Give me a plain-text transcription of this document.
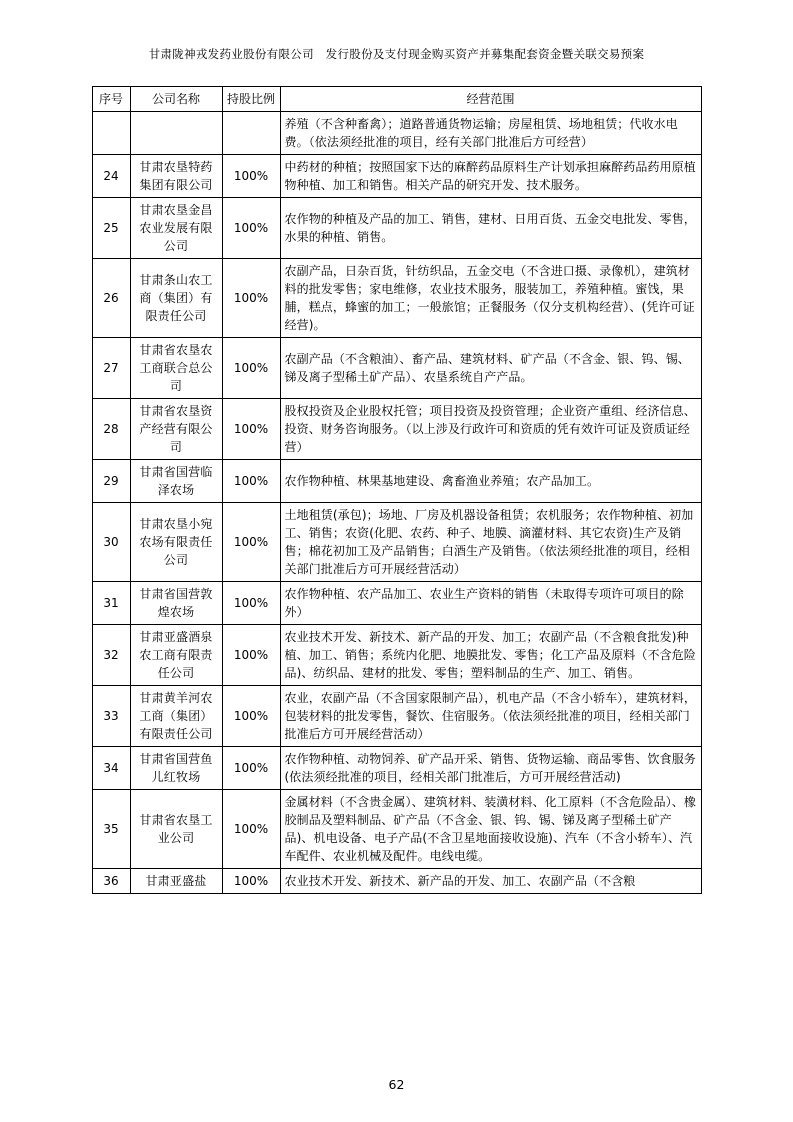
甘肃陇神戎发药业股份有限公司　发行股份及支付现金购买资产并募集配套资金暨关联交易预案
序号	公司名称	持股比例	经营范围
			养殖（不含种畜禽）；道路普通货物运输；房屋租赁、场地租赁；代收水电费。（依法须经批准的项目，经有关部门批准后方可经营）
24	甘肃农垦特药集团有限公司	100%	中药材的种植；按照国家下达的麻醉药品原料生产计划承担麻醉药品药用原植物种植、加工和销售。相关产品的研究开发、技术服务。
25	甘肃农垦金昌农业发展有限公司	100%	农作物的种植及产品的加工、销售，建材、日用百货、五金交电批发、零售，水果的种植、销售。
26	甘肃条山农工商（集团）有限责任公司	100%	农副产品，日杂百货，针纺织品，五金交电（不含进口摄、录像机），建筑材料的批发零售；家电维修，农业技术服务，服装加工，养殖种植。蜜饯，果脯，糕点，蜂蜜的加工；一般旅馆；正餐服务（仅分支机构经营）、(凭许可证经营)。
27	甘肃省农垦农工商联合总公司	100%	农副产品（不含粮油）、畜产品、建筑材料、矿产品（不含金、银、钨、锡、锑及离子型稀土矿产品）、农垦系统自产产品。
28	甘肃省农垦资产经营有限公司	100%	股权投资及企业股权托管；项目投资及投资管理；企业资产重组、经济信息、投资、财务咨询服务。（以上涉及行政许可和资质的凭有效许可证及资质证经营）
29	甘肃省国营临泽农场	100%	农作物种植、林果基地建设、禽畜渔业养殖；农产品加工。
30	甘肃农垦小宛农场有限责任公司	100%	土地租赁(承包)；场地、厂房及机器设备租赁；农机服务；农作物种植、初加工、销售；农资(化肥、农药、种子、地膜、滴灌材料、其它农资)生产及销售；棉花初加工及产品销售；白酒生产及销售。（依法须经批准的项目，经相关部门批准后方可开展经营活动）
31	甘肃省国营敦煌农场	100%	农作物种植、农产品加工、农业生产资料的销售（未取得专项许可项目的除外）
32	甘肃亚盛酒泉农工商有限责任公司	100%	农业技术开发、新技术、新产品的开发、加工；农副产品（不含粮食批发)种植、加工、销售；系统内化肥、地膜批发、零售；化工产品及原料（不含危险品)、纺织品、建材的批发、零售；塑料制品的生产、加工、销售。
33	甘肃黄羊河农工商（集团）有限责任公司	100%	农业，农副产品（不含国家限制产品），机电产品（不含小轿车），建筑材料，包装材料的批发零售，餐饮、住宿服务。（依法须经批准的项目，经相关部门批准后方可开展经营活动）
34	甘肃省国营鱼儿红牧场	100%	农作物种植、动物饲养、矿产品开采、销售、货物运输、商品零售、饮食服务(依法须经批准的项目，经相关部门批准后，方可开展经营活动)
35	甘肃省农垦工业公司	100%	金属材料（不含贵金属）、建筑材料、装潢材料、化工原料（不含危险品）、橡胶制品及塑料制品、矿产品（不含金、银、钨、锡、锑及离子型稀土矿产品)、机电设备、电子产品(不含卫星地面接收设施)、汽车（不含小轿车）、汽车配件、农业机械及配件。电线电缆。
36	甘肃亚盛盐	100%	农业技术开发、新技术、新产品的开发、加工、农副产品（不含粮
62
